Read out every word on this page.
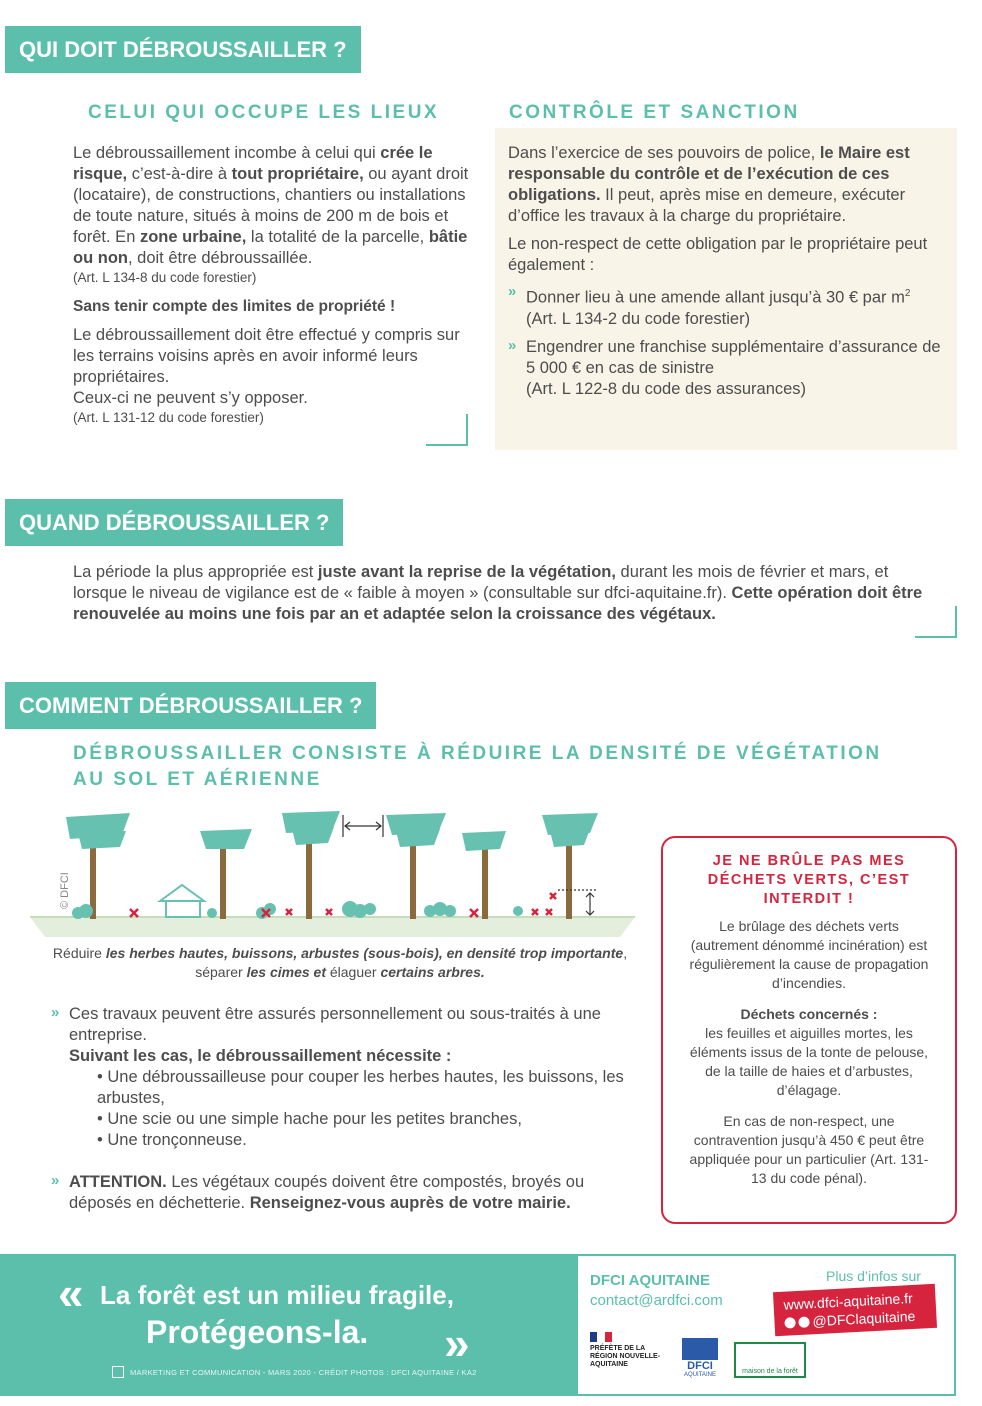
QUI DOIT DÉBROUSSAILLER ?
CELUI QUI OCCUPE LES LIEUX

Le débroussaillement incombe à celui qui crée le risque, c’est-à-dire à tout propriétaire, ou ayant droit (locataire), de constructions, chantiers ou installations de toute nature, situés à moins de 200 m de bois et forêt. En zone urbaine, la totalité de la parcelle, bâtie ou non, doit être débroussaillée.

(Art. L 134-8 du code forestier)

Sans tenir compte des limites de propriété !

Le débroussaillement doit être effectué y compris sur les terrains voisins après en avoir informé leurs propriétaires.

Ceux-ci ne peuvent s’y opposer.

(Art. L 131-12 du code forestier)

CONTRÔLE ET SANCTION

Dans l’exercice de ses pouvoirs de police, le Maire est responsable du contrôle et de l’exécution de ces obligations. Il peut, après mise en demeure, exécuter d’office les travaux à la charge du propriétaire.

Le non-respect de cette obligation par le propriétaire peut également :

» Donner lieu à une amende allant jusqu’à 30 € par $m^2$
(Art. L 134-2 du code forestier)
» Engendrer une franchise supplémentaire d’assurance de 5 000 € en cas de sinistre
(Art. L 122-8 du code des assurances)
QUAND DÉBROUSSAILLER ?

La période la plus appropriée est juste avant la reprise de la végétation, durant les mois de février et mars, et lorsque le niveau de vigilance est de « faible à moyen » (consultable sur dfci-aquitaine.fr). Cette opération doit être renouvelée au moins une fois par an et adaptée selon la croissance des végétaux.

COMMENT DÉBROUSSAILLER ?
DÉBROUSSAILLER CONSISTE À RÉDUIRE LA DENSITÉ DE VÉGÉTATION
AU SOL ET AÉRIENNE
© DFCI

Réduire les herbes hautes, buissons, arbustes (sous-bois), en densité trop importante,
séparer les cimes et élaguer certains arbres.

» Ces travaux peuvent être assurés personnellement ou sous-traités à une entreprise.
Suivant les cas, le débroussaillement nécessite :
• Une débroussailleuse pour couper les herbes hautes, les buissons, les arbustes,
• Une scie ou une simple hache pour les petites branches,
• Une tronçonneuse.
» ATTENTION. Les végétaux coupés doivent être compostés, broyés ou déposés en déchetterie. Renseignez-vous auprès de votre mairie.
JE NE BRÛLE PAS MES DÉCHETS VERTS, C’EST INTERDIT !

Le brûlage des déchets verts (autrement dénommé incinération) est régulièrement la cause de propagation d’incendies.

Déchets concernés :
les feuilles et aiguilles mortes, les éléments issus de la tonte de pelouse, de la taille de haies et d’arbustes, d’élagage.

En cas de non-respect, une contravention jusqu’à 450 € peut être appliquée pour un particulier (Art. 131-13 du code pénal).

« La forêt est un milieu fragile,
Protégeons-la. »
MARKETING ET COMMUNICATION - MARS 2020 - CRÉDIT PHOTOS : DFCI AQUITAINE / KA2
DFCI AQUITAINE
contact@ardfci.com
Plus d’infos sur
www.dfci-aquitaine.fr
@DFClaquitaine
PRÉFÈTE DE LA RÉGION NOUVELLE-AQUITAINE	DFCI
AQUITAINE	maison de la forêt
